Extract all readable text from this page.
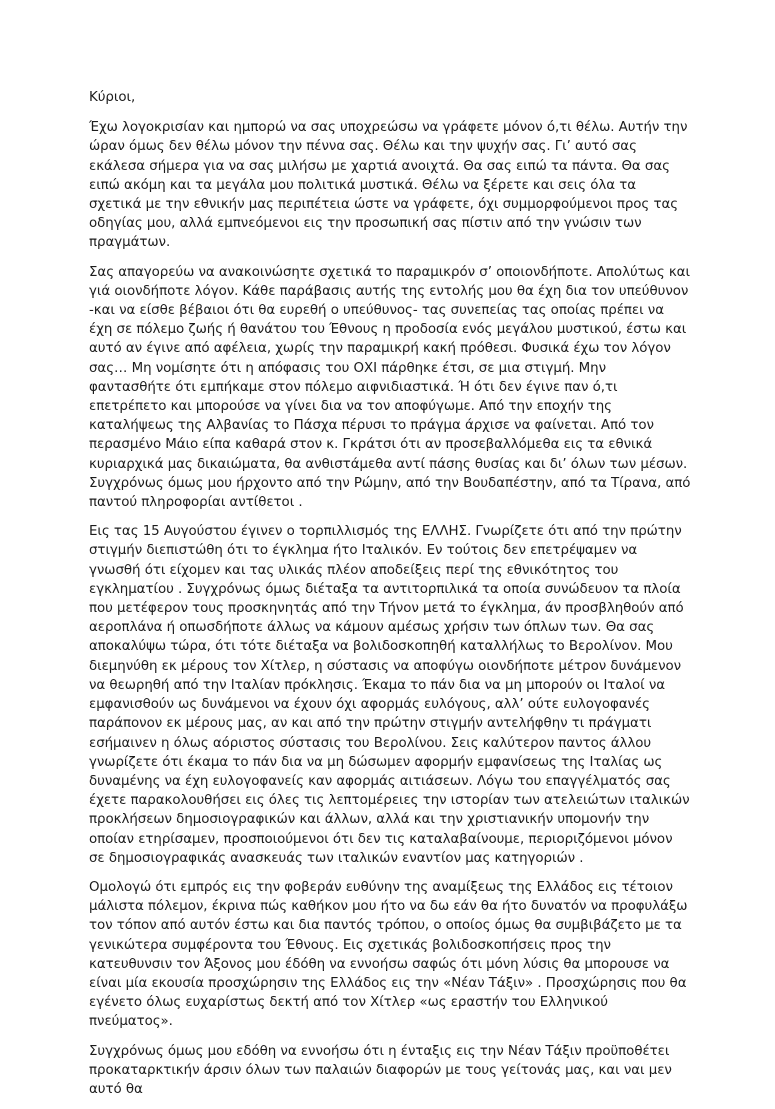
Κύριοι,

Έχω λογοκρισίαν και ημπορώ να σας υποχρεώσω να γράφετε μόνον ό,τι θέλω. Αυτήν την ώραν όμως δεν θέλω μόνον την πέννα σας. Θέλω και την ψυχήν σας. Γι’ αυτό σας εκάλεσα σήμερα για να σας μιλήσω με χαρτιά ανοιχτά. Θα σας ειπώ τα πάντα. Θα σας ειπώ ακόμη και τα μεγάλα μου πολιτικά μυστικά. Θέλω να ξέρετε και σεις όλα τα σχετικά με την εθνικήν μας περιπέτεια ώστε να γράφετε, όχι συμμορφούμενοι προς τας οδηγίας μου, αλλά εμπνεόμενοι εις την προσωπική σας πίστιν από την γνώσιν των πραγμάτων.

Σας απαγορεύω να ανακοινώσητε σχετικά το παραμικρόν σ’ οποιονδήποτε. Απολύτως και γιά οιονδήποτε λόγον. Κάθε παράβασις αυτής της εντολής μου θα έχη δια τον υπεύθυνον -και να είσθε βέβαιοι ότι θα ευρεθή ο υπεύθυνος- τας συνεπείας τας οποίας πρέπει να έχη σε πόλεμο ζωής ή θανάτου του Έθνους η προδοσία ενός μεγάλου μυστικού, έστω και αυτό αν έγινε από αφέλεια, χωρίς την παραμικρή κακή πρόθεσι. Φυσικά έχω τον λόγον σας… Μη νομίσητε ότι η απόφασις του ΟΧΙ πάρθηκε έτσι, σε μια στιγμή. Μην φαντασθήτε ότι εμπήκαμε στον πόλεμο αιφνιδιαστικά. Ή ότι δεν έγινε παν ό,τι επετρέπετο και μπορούσε να γίνει δια να τον αποφύγωμε. Από την εποχήν της καταλήψεως της Αλβανίας το Πάσχα πέρυσι το πράγμα άρχισε να φαίνεται. Από τον περασμένο Μάιο είπα καθαρά στον κ. Γκράτσι ότι αν προσεβαλλόμεθα εις τα εθνικά κυριαρχικά μας δικαιώματα, θα ανθιστάμεθα αντί πάσης θυσίας και δι’ όλων των μέσων. Συγχρόνως όμως μου ήρχοντο από την Ρώμην, από την Βουδαπέστην, από τα Τίρανα, από παντού πληροφορίαι αντίθετοι .

Εις τας 15 Αυγούστου έγινεν ο τορπιλλισμός της ΕΛΛΗΣ. Γνωρίζετε ότι από την πρώτην στιγμήν διεπιστώθη ότι το έγκλημα ήτο Ιταλικόν. Εν τούτοις δεν επετρέψαμεν να γνωσθή ότι είχομεν και τας υλικάς πλέον αποδείξεις περί της εθνικότητος του εγκληματίου . Συγχρόνως όμως διέταξα τα αντιτορπιλικά τα οποία συνώδευον τα πλοία που μετέφερον τους προσκηνητάς από την Τήνον μετά το έγκλημα, άν προσβληθούν από αεροπλάνα ή οπωσδήποτε άλλως να κάμουν αμέσως χρήσιν των όπλων των. Θα σας αποκαλύψω τώρα, ότι τότε διέταξα να βολιδοσκοπηθή καταλλήλως το Βερολίνον. Μου διεμηνύθη εκ μέρους τον Χίτλερ, η σύστασις να αποφύγω οιονδήποτε μέτρον δυνάμενον να θεωρηθή από την Ιταλίαν πρόκλησις. Έκαμα το πάν δια να μη μπορούν οι Ιταλοί να εμφανισθούν ως δυνάμενοι να έχουν όχι αφορμάς ευλόγους, αλλ’ ούτε ευλογοφανές παράπονον εκ μέρους μας, αν και από την πρώτην στιγμήν αντελήφθην τι πράγματι εσήμαινεν η όλως αόριστος σύστασις του Βερολίνου. Σεις καλύτερον παντος άλλου γνωρίζετε ότι έκαμα το πάν δια να μη δώσωμεν αφορμήν εμφανίσεως της Ιταλίας ως δυναμένης να έχη ευλογοφανείς καν αφορμάς αιτιάσεων. Λόγω του επαγγέλματός σας έχετε παρακολουθήσει εις όλες τις λεπτομέρειες την ιστορίαν των ατελειώτων ιταλικών προκλήσεων δημοσιογραφικών και άλλων, αλλά και την χριστιανικήν υπομονήν την οποίαν ετηρίσαμεν, προσποιούμενοι ότι δεν τις καταλαβαίνουμε, περιοριζόμενοι μόνον σε δημοσιογραφικάς ανασκευάς των ιταλικών εναντίον μας κατηγοριών .

Ομολογώ ότι εμπρός εις την φοβεράν ευθύνην της αναμίξεως της Ελλάδος εις τέτοιον μάλιστα πόλεμον, έκρινα πώς καθήκον μου ήτο να δω εάν θα ήτο δυνατόν να προφυλάξω τον τόπον από αυτόν έστω και δια παντός τρόπου, ο οποίος όμως θα συμβιβάζετο με τα γενικώτερα συμφέροντα του Έθνους. Εις σχετικάς βολιδοσκοπήσεις προς την κατευθυνσιν τον Άξονος μου έδόθη να εννοήσω σαφώς ότι μόνη λύσις θα μπορουσε να είναι μία εκουσία προσχώρησιν της Ελλάδος εις την «Νέαν Τάξιν» . Προσχώρησις που θα εγένετο όλως ευχαρίστως δεκτή από τον Χίτλερ «ως εραστήν του Ελληνικού πνεύματος».

Συγχρόνως όμως μου εδόθη να εννοήσω ότι η ένταξις εις την Νέαν Τάξιν προϋποθέτει προκαταρκτικήν άρσιν όλων των παλαιών διαφορών με τους γείτονάς μας, και ναι μεν αυτό θα
